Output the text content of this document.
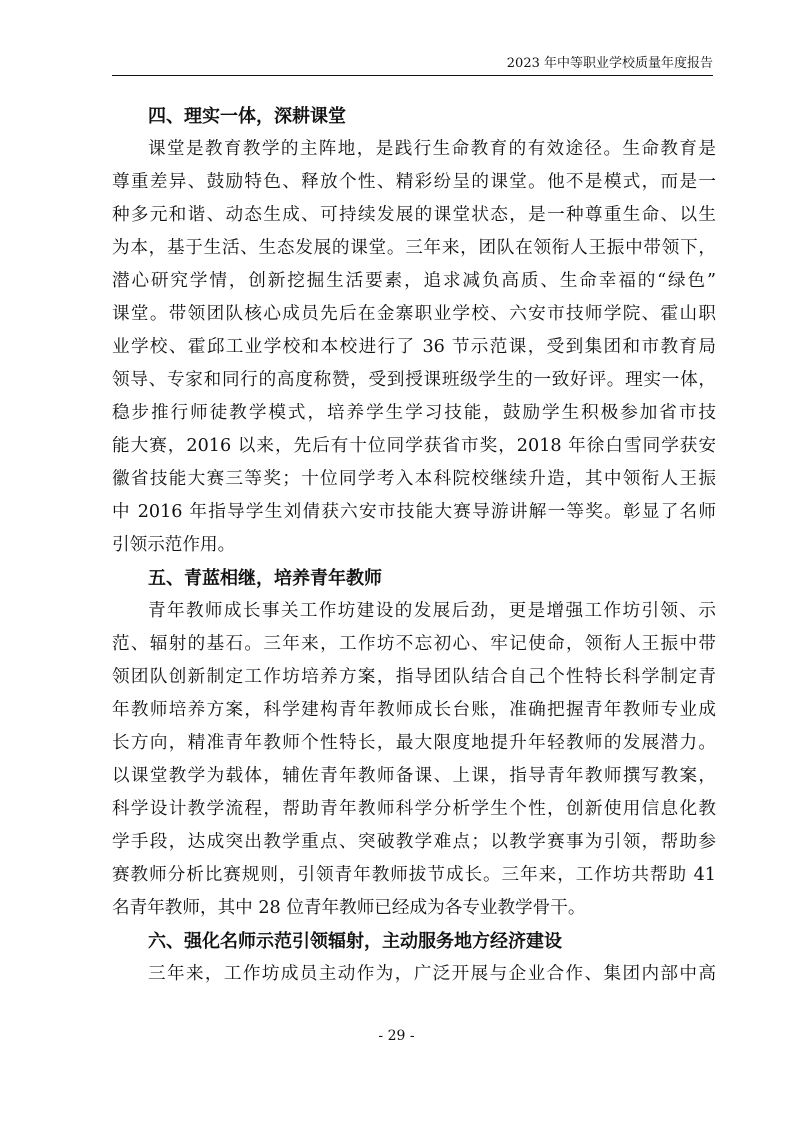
2023 年中等职业学校质量年度报告
四、理实一体，深耕课堂
课堂是教育教学的主阵地，是践行生命教育的有效途径。生命教育是
尊重差异、鼓励特色、释放个性、精彩纷呈的课堂。他不是模式，而是一
种多元和谐、动态生成、可持续发展的课堂状态，是一种尊重生命、以生
为本，基于生活、生态发展的课堂。三年来，团队在领衔人王振中带领下，
潜心研究学情，创新挖掘生活要素，追求减负高质、生命幸福的“绿色”
课堂。带领团队核心成员先后在金寨职业学校、六安市技师学院、霍山职
业学校、霍邱工业学校和本校进行了 36 节示范课，受到集团和市教育局
领导、专家和同行的高度称赞，受到授课班级学生的一致好评。理实一体，
稳步推行师徒教学模式，培养学生学习技能，鼓励学生积极参加省市技
能大赛，2016 以来，先后有十位同学获省市奖，2018 年徐白雪同学获安
徽省技能大赛三等奖；十位同学考入本科院校继续升造，其中领衔人王振
中 2016 年指导学生刘倩获六安市技能大赛导游讲解一等奖。彰显了名师
引领示范作用。
五、青蓝相继，培养青年教师
青年教师成长事关工作坊建设的发展后劲，更是增强工作坊引领、示
范、辐射的基石。三年来，工作坊不忘初心、牢记使命，领衔人王振中带
领团队创新制定工作坊培养方案，指导团队结合自己个性特长科学制定青
年教师培养方案，科学建构青年教师成长台账，准确把握青年教师专业成
长方向，精准青年教师个性特长，最大限度地提升年轻教师的发展潜力。
以课堂教学为载体，辅佐青年教师备课、上课，指导青年教师撰写教案，
科学设计教学流程，帮助青年教师科学分析学生个性，创新使用信息化教
学手段，达成突出教学重点、突破教学难点；以教学赛事为引领，帮助参
赛教师分析比赛规则，引领青年教师拔节成长。三年来，工作坊共帮助 41
名青年教师，其中 28 位青年教师已经成为各专业教学骨干。
六、强化名师示范引领辐射，主动服务地方经济建设
三年来，工作坊成员主动作为，广泛开展与企业合作、集团内部中高
- 29 -
